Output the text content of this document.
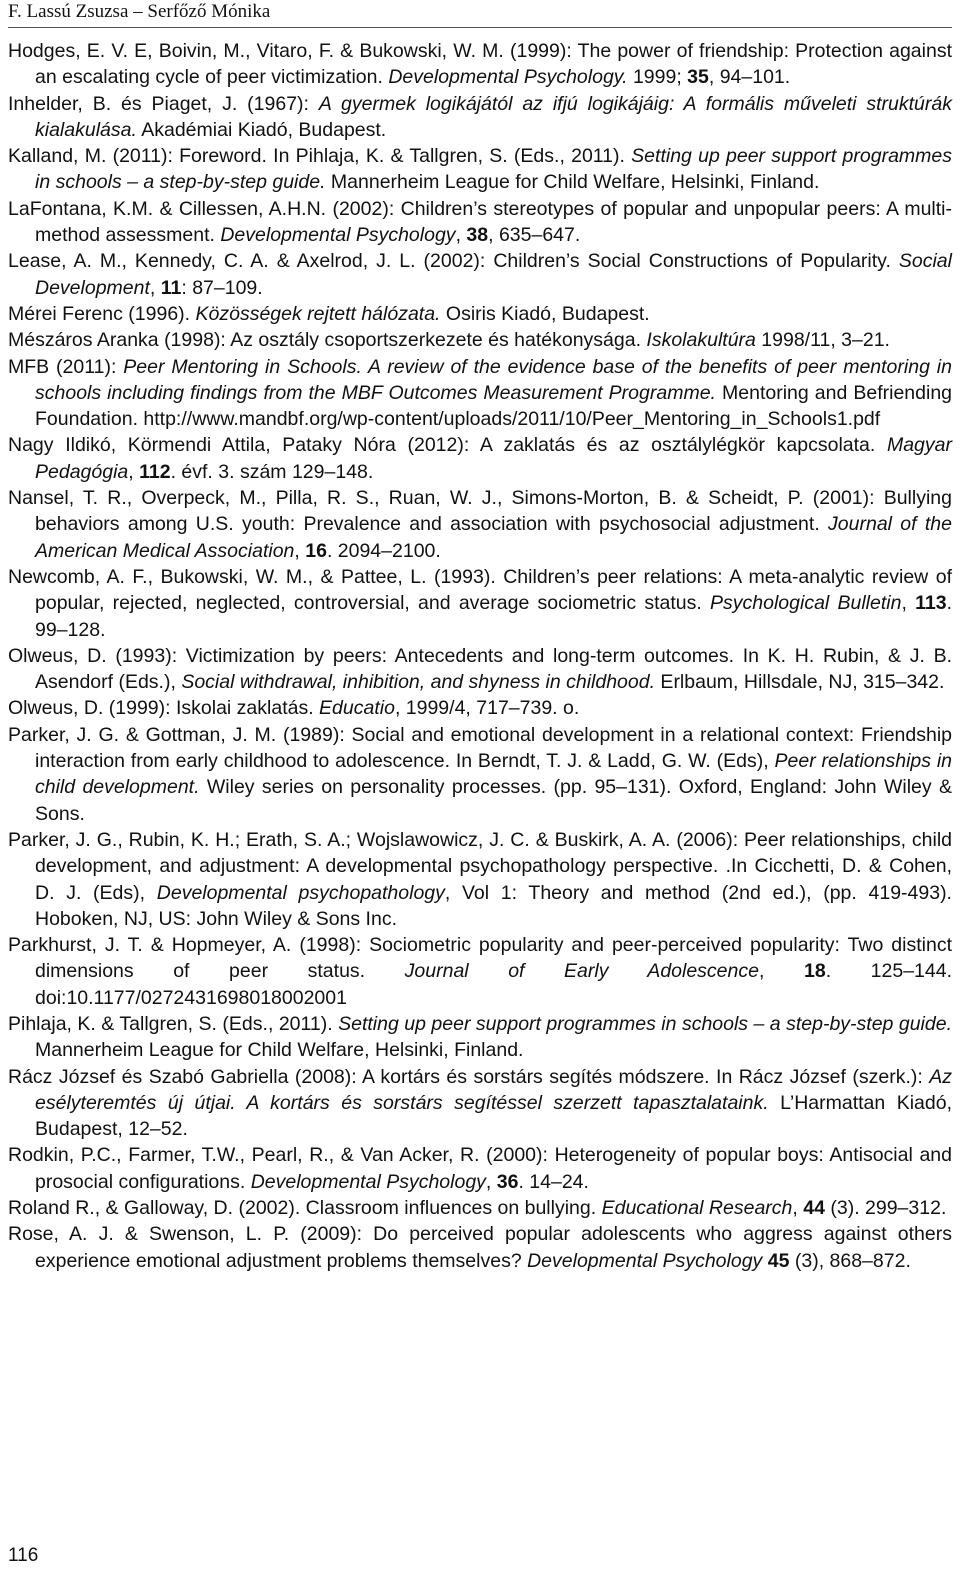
F. Lassú Zsuzsa – Serfőző Mónika

Hodges, E. V. E, Boivin, M., Vitaro, F. & Bukowski, W. M. (1999): The power of friendship: Protection against an escalating cycle of peer victimization. Developmental Psychology. 1999; 35, 94–101.

Inhelder, B. és Piaget, J. (1967): A gyermek logikájától az ifjú logikájáig: A formális műveleti struktúrák kialakulása. Akadémiai Kiadó, Budapest.

Kalland, M. (2011): Foreword. In Pihlaja, K. & Tallgren, S. (Eds., 2011). Setting up peer support programmes in schools – a step-by-step guide. Mannerheim League for Child Welfare, Helsinki, Finland.

LaFontana, K.M. & Cillessen, A.H.N. (2002): Children’s stereotypes of popular and unpopular peers: A multi-method assessment. Developmental Psychology, 38, 635–647.

Lease, A. M., Kennedy, C. A. & Axelrod, J. L. (2002): Children’s Social Constructions of Popularity. Social Development, 11: 87–109.

Mérei Ferenc (1996). Közösségek rejtett hálózata. Osiris Kiadó, Budapest.

Mészáros Aranka (1998): Az osztály csoportszerkezete és hatékonysága. Iskolakultúra 1998/11, 3–21.

MFB (2011): Peer Mentoring in Schools. A review of the evidence base of the benefits of peer mentoring in schools including findings from the MBF Outcomes Measurement Programme. Mentoring and Befriending Foundation. http://www.mandbf.org/wp-content/uploads/2011/10/Peer_Mentoring_in_Schools1.pdf

Nagy Ildikó, Körmendi Attila, Pataky Nóra (2012): A zaklatás és az osztálylégkör kapcsolata. Magyar Pedagógia, 112. évf. 3. szám 129–148.

Nansel, T. R., Overpeck, M., Pilla, R. S., Ruan, W. J., Simons-Morton, B. & Scheidt, P. (2001): Bullying behaviors among U.S. youth: Prevalence and association with psychosocial adjustment. Journal of the American Medical Association, 16. 2094–2100.

Newcomb, A. F., Bukowski, W. M., & Pattee, L. (1993). Children’s peer relations: A meta-analytic review of popular, rejected, neglected, controversial, and average sociometric status. Psychological Bulletin, 113. 99–128.

Olweus, D. (1993): Victimization by peers: Antecedents and long-term outcomes. In K. H. Rubin, & J. B. Asendorf (Eds.), Social withdrawal, inhibition, and shyness in childhood. Erlbaum, Hillsdale, NJ, 315–342.

Olweus, D. (1999): Iskolai zaklatás. Educatio, 1999/4, 717–739. o.

Parker, J. G. & Gottman, J. M. (1989): Social and emotional development in a relational context: Friendship interaction from early childhood to adolescence. In Berndt, T. J. & Ladd, G. W. (Eds), Peer relationships in child development. Wiley series on personality processes. (pp. 95–131). Oxford, England: John Wiley & Sons.

Parker, J. G., Rubin, K. H.; Erath, S. A.; Wojslawowicz, J. C. & Buskirk, A. A. (2006): Peer relationships, child development, and adjustment: A developmental psychopathology perspective. .In Cicchetti, D. & Cohen, D. J. (Eds), Developmental psychopathology, Vol 1: Theory and method (2nd ed.), (pp. 419-493). Hoboken, NJ, US: John Wiley & Sons Inc.

Parkhurst, J. T. & Hopmeyer, A. (1998): Sociometric popularity and peer-perceived popularity: Two distinct dimensions of peer status. Journal of Early Adolescence, 18. 125–144. doi:10.1177/0272431698018002001

Pihlaja, K. & Tallgren, S. (Eds., 2011). Setting up peer support programmes in schools – a step-by-step guide. Mannerheim League for Child Welfare, Helsinki, Finland.

Rácz József és Szabó Gabriella (2008): A kortárs és sorstárs segítés módszere. In Rácz József (szerk.): Az esélyteremtés új útjai. A kortárs és sorstárs segítéssel szerzett tapasztalataink. L’Harmattan Kiadó, Budapest, 12–52.

Rodkin, P.C., Farmer, T.W., Pearl, R., & Van Acker, R. (2000): Heterogeneity of popular boys: Antisocial and prosocial configurations. Developmental Psychology, 36. 14–24.

Roland R., & Galloway, D. (2002). Classroom influences on bullying. Educational Research, 44 (3). 299–312.

Rose, A. J. & Swenson, L. P. (2009): Do perceived popular adolescents who aggress against others experience emotional adjustment problems themselves? Developmental Psychology 45 (3), 868–872.

116
